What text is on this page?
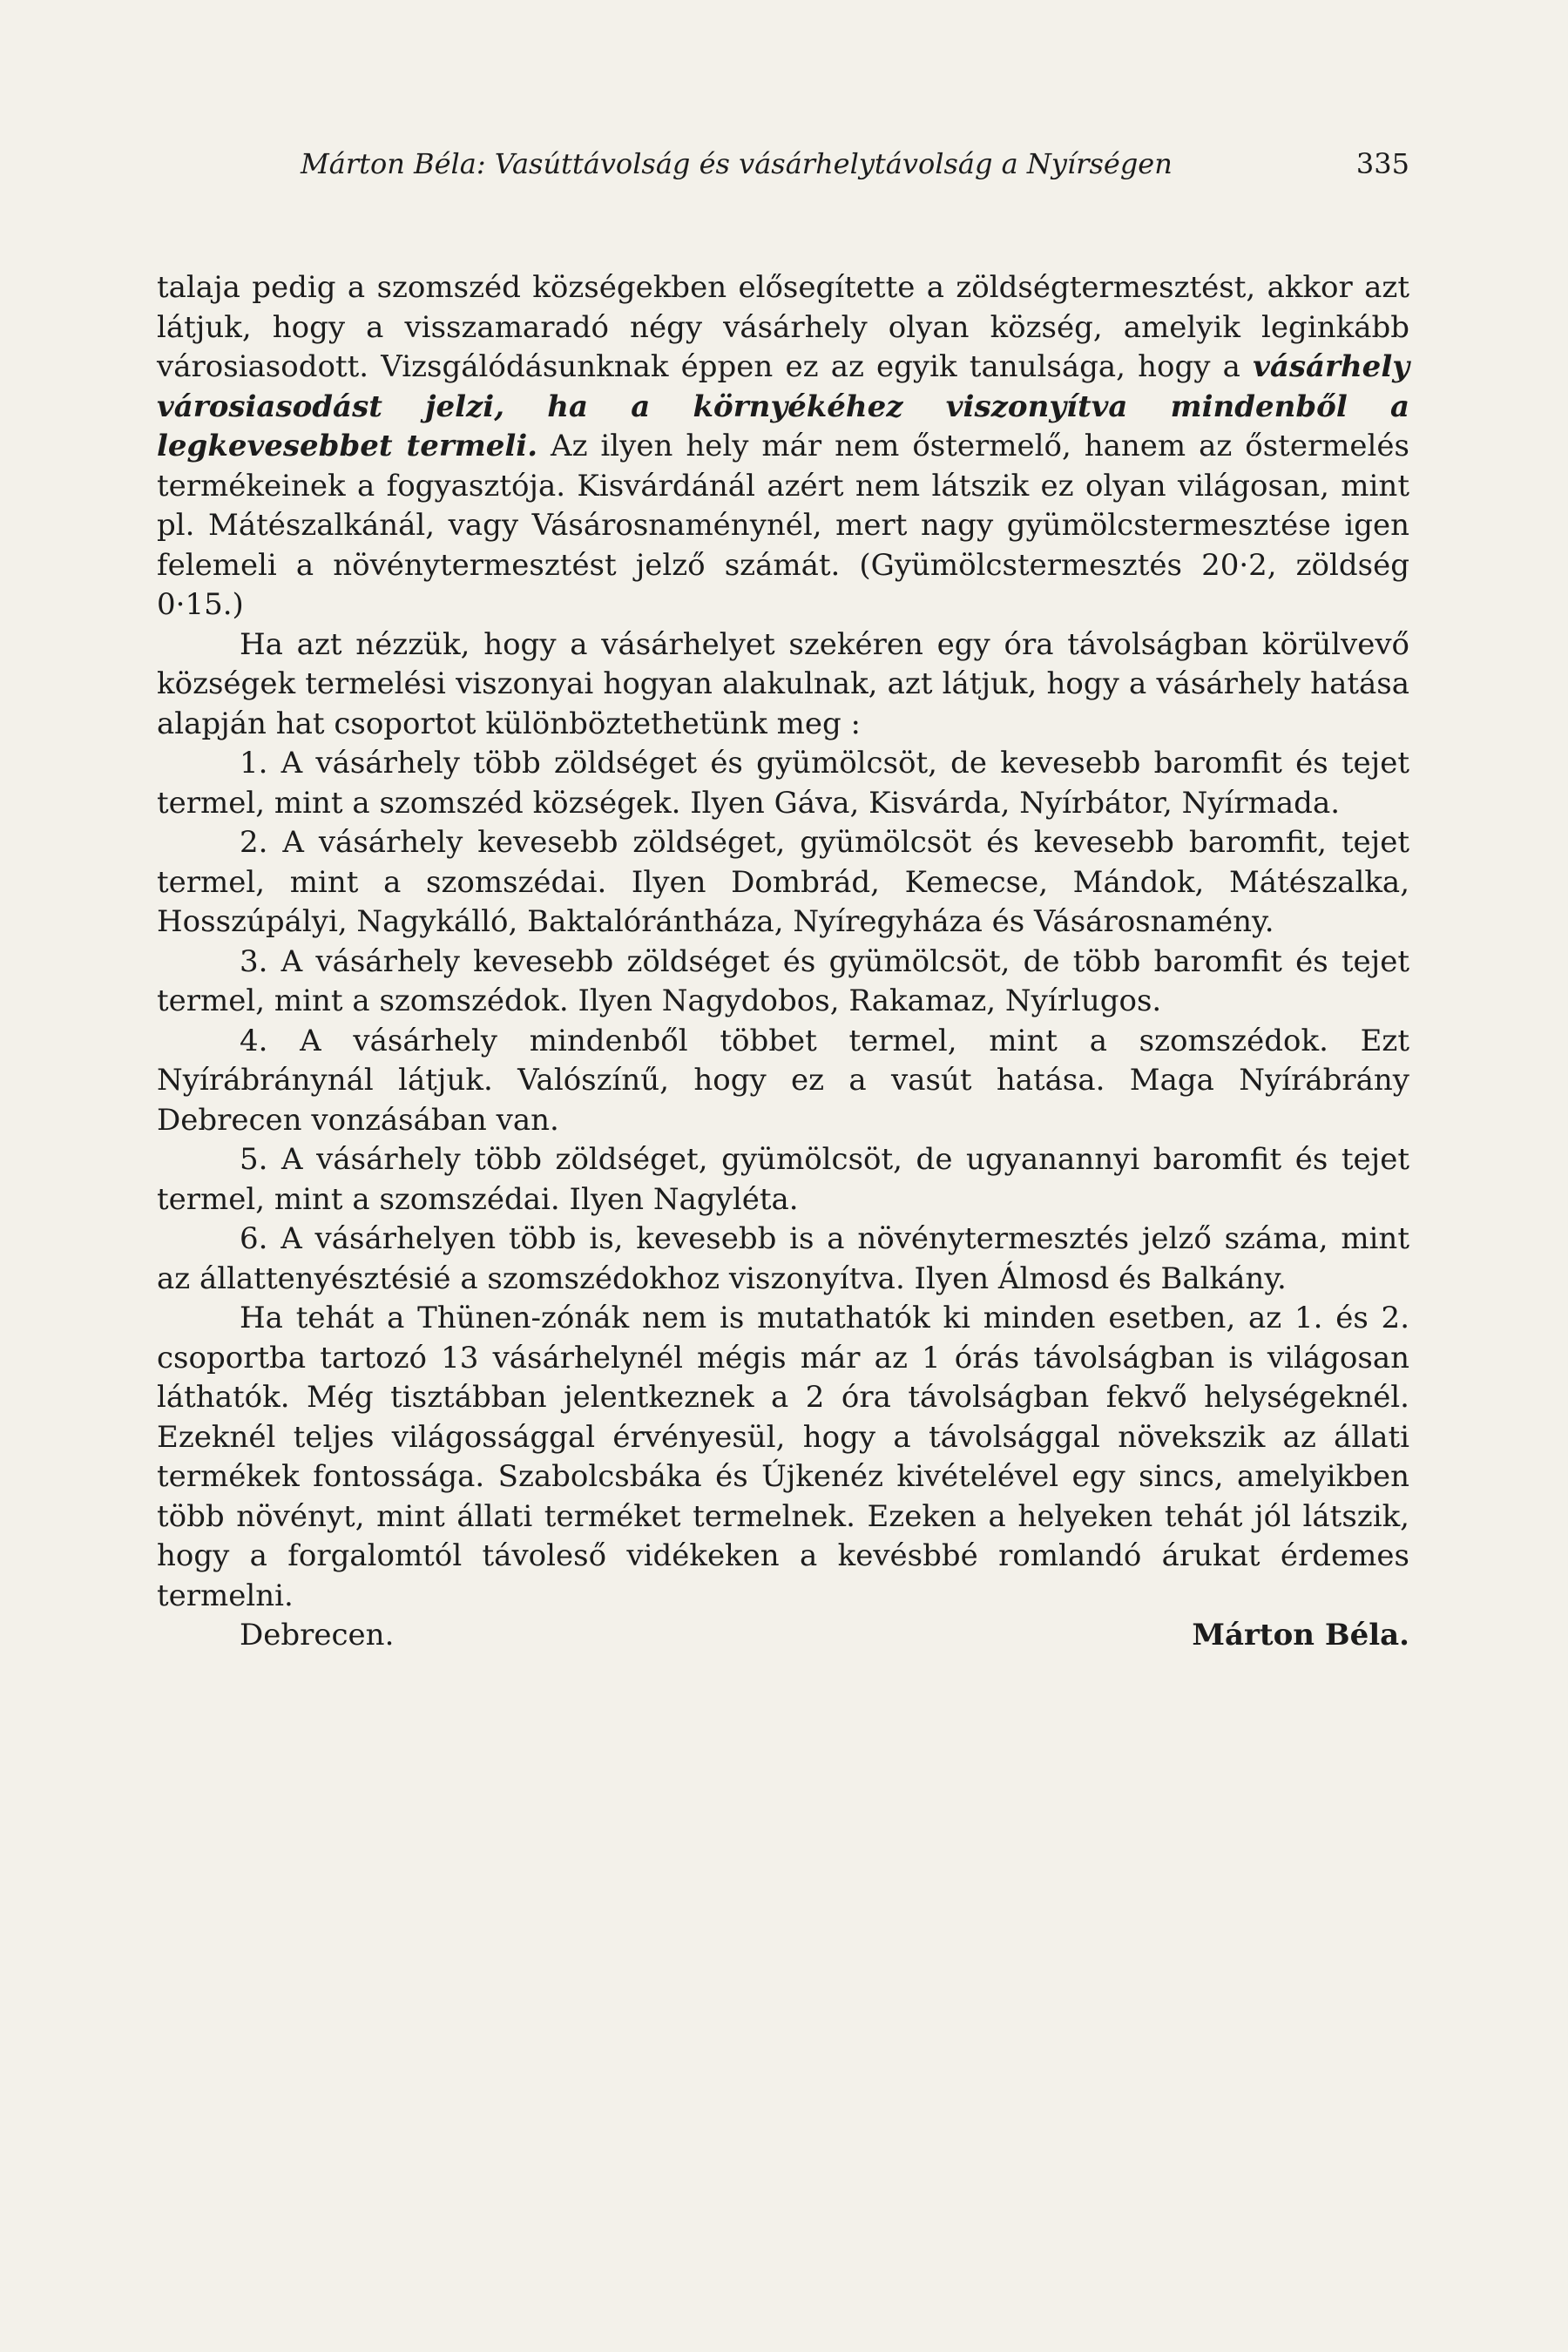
Márton Béla: Vasúttávolság és vásárhelytávolság a Nyírségen	335

talaja pedig a szomszéd községekben elősegítette a zöldségtermesztést, akkor azt látjuk, hogy a visszamaradó négy vásárhely olyan község, amelyik leginkább városiasodott. Vizsgálódásunknak éppen ez az egyik tanulsága, hogy a vásárhely városiasodást jelzi, ha a környékéhez viszonyítva mindenből a legkevesebbet termeli. Az ilyen hely már nem őstermelő, hanem az őstermelés termékeinek a fogyasztója. Kisvárdánál azért nem látszik ez olyan világosan, mint pl. Mátészalkánál, vagy Vásárosnaménynél, mert nagy gyümölcstermesztése igen felemeli a növénytermesztést jelző számát. (Gyümölcstermesztés 20·2, zöldség 0·15.)

Ha azt nézzük, hogy a vásárhelyet szekéren egy óra távolságban körülvevő községek termelési viszonyai hogyan alakulnak, azt látjuk, hogy a vásárhely hatása alapján hat csoportot különböztethetünk meg :

1. A vásárhely több zöldséget és gyümölcsöt, de kevesebb baromfit és tejet termel, mint a szomszéd községek. Ilyen Gáva, Kisvárda, Nyírbátor, Nyírmada.

2. A vásárhely kevesebb zöldséget, gyümölcsöt és kevesebb baromfit, tejet termel, mint a szomszédai. Ilyen Dombrád, Kemecse, Mándok, Mátészalka, Hosszúpályi, Nagykálló, Baktalórántháza, Nyíregyháza és Vásárosnamény.

3. A vásárhely kevesebb zöldséget és gyümölcsöt, de több baromfit és tejet termel, mint a szomszédok. Ilyen Nagydobos, Rakamaz, Nyírlugos.

4. A vásárhely mindenből többet termel, mint a szomszédok. Ezt Nyírábránynál látjuk. Valószínű, hogy ez a vasút hatása. Maga Nyírábrány Debrecen vonzásában van.

5. A vásárhely több zöldséget, gyümölcsöt, de ugyanannyi baromfit és tejet termel, mint a szomszédai. Ilyen Nagyléta.

6. A vásárhelyen több is, kevesebb is a növénytermesztés jelző száma, mint az állattenyésztésié a szomszédokhoz viszonyítva. Ilyen Álmosd és Balkány.

Ha tehát a Thünen-zónák nem is mutathatók ki minden esetben, az 1. és 2. csoportba tartozó 13 vásárhelynél mégis már az 1 órás távolságban is világosan láthatók. Még tisztábban jelentkeznek a 2 óra távolságban fekvő helységeknél. Ezeknél teljes világossággal érvényesül, hogy a távolsággal növekszik az állati termékek fontossága. Szabolcsbáka és Újkenéz kivételével egy sincs, amelyikben több növényt, mint állati terméket termelnek. Ezeken a helyeken tehát jól látszik, hogy a forgalomtól távoleső vidékeken a kevésbbé romlandó árukat érdemes termelni.

Debrecen.	Márton Béla.
